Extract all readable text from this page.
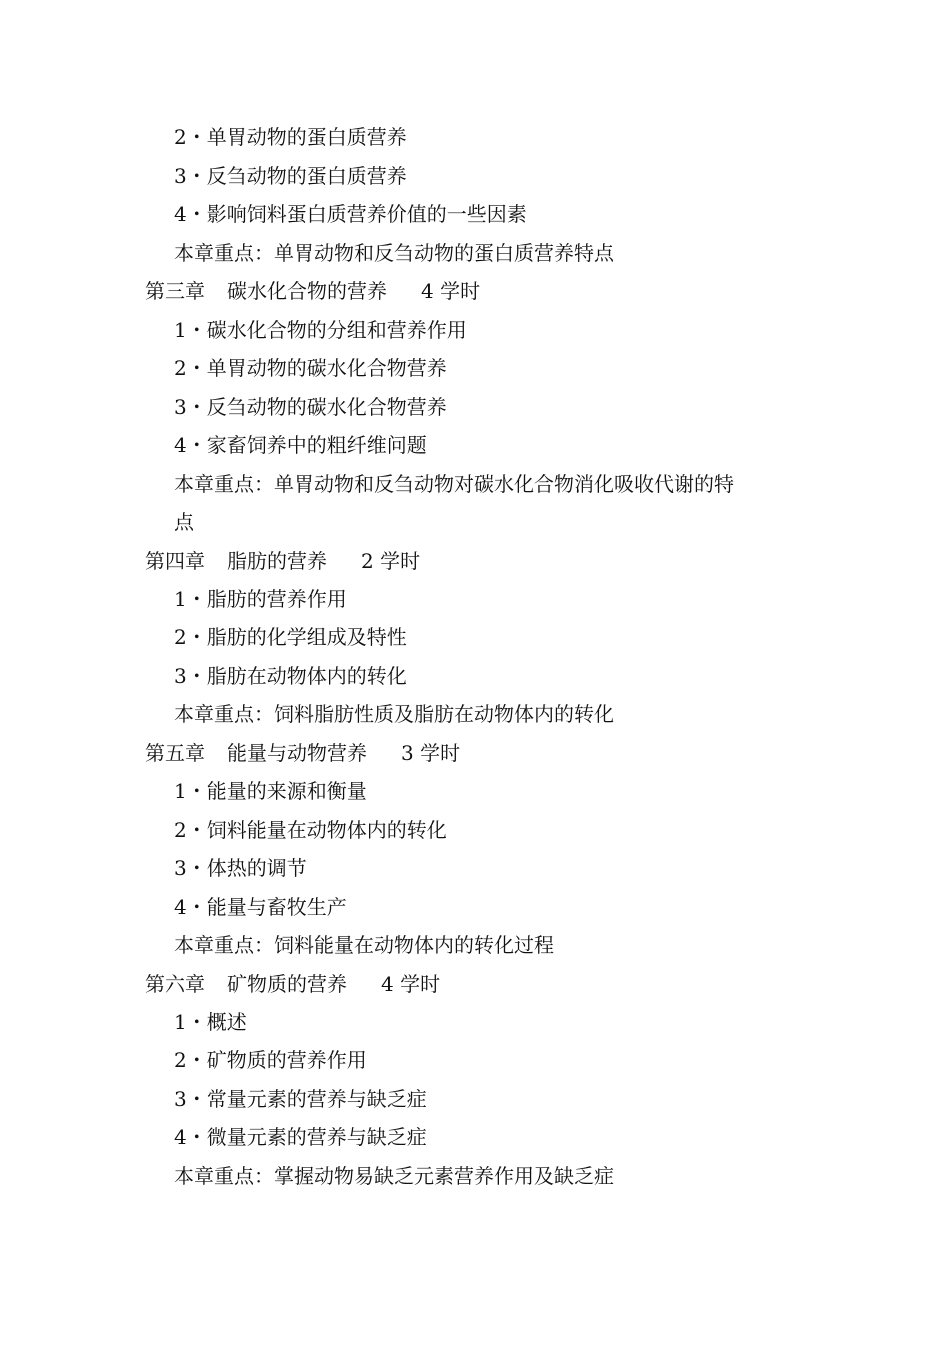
2・单胃动物的蛋白质营养
3・反刍动物的蛋白质营养
4・影响饲料蛋白质营养价值的一些因素
本章重点：单胃动物和反刍动物的蛋白质营养特点
第三章 碳水化合物的营养 4 学时
1・碳水化合物的分组和营养作用
2・单胃动物的碳水化合物营养
3・反刍动物的碳水化合物营养
4・家畜饲养中的粗纤维问题
本章重点：单胃动物和反刍动物对碳水化合物消化吸收代谢的特
点
第四章 脂肪的营养 2 学时
1・脂肪的营养作用
2・脂肪的化学组成及特性
3・脂肪在动物体内的转化
本章重点：饲料脂肪性质及脂肪在动物体内的转化
第五章 能量与动物营养 3 学时
1・能量的来源和衡量
2・饲料能量在动物体内的转化
3・体热的调节
4・能量与畜牧生产
本章重点：饲料能量在动物体内的转化过程
第六章 矿物质的营养 4 学时
1・概述
2・矿物质的营养作用
3・常量元素的营养与缺乏症
4・微量元素的营养与缺乏症
本章重点：掌握动物易缺乏元素营养作用及缺乏症
